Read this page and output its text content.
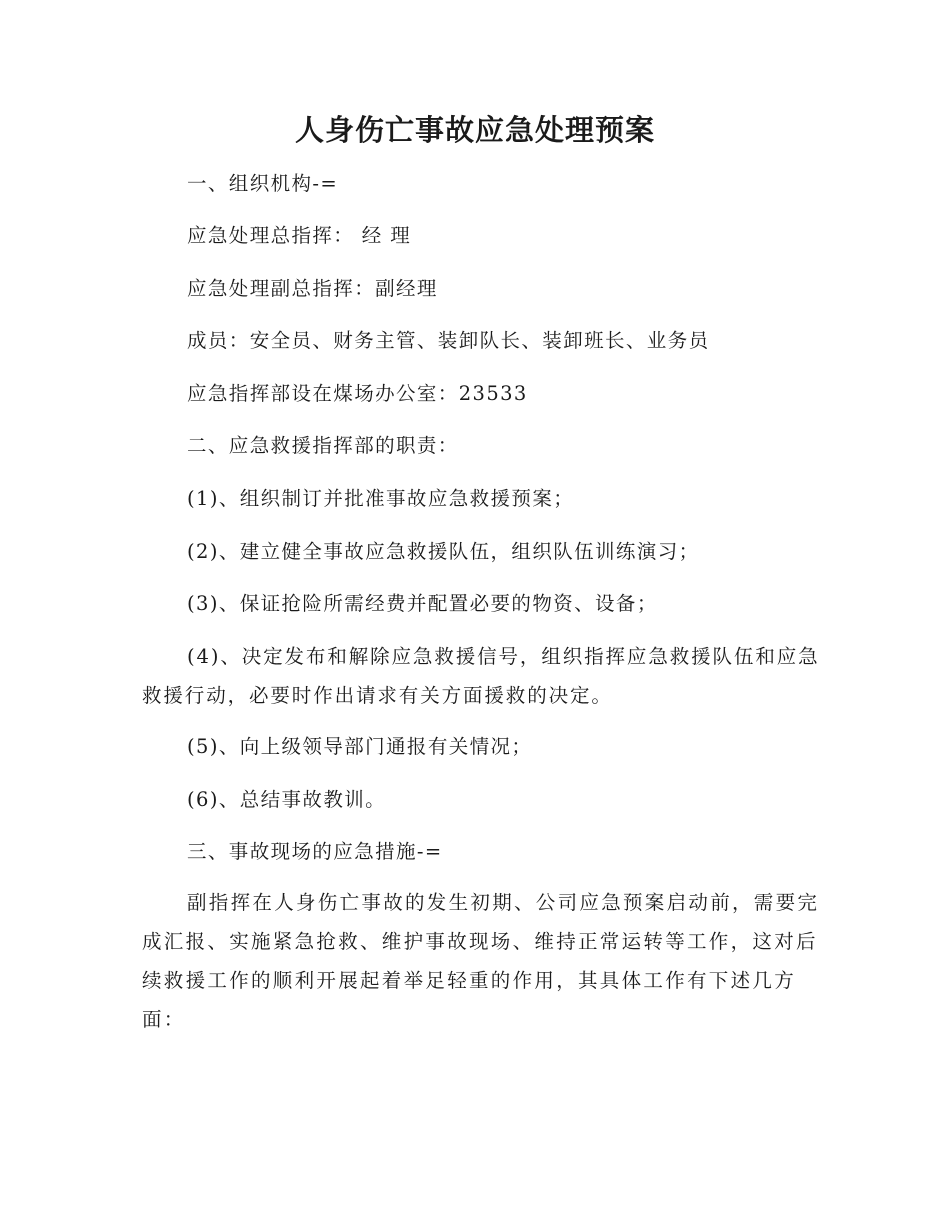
人身伤亡事故应急处理预案

一、组织机构-=

应急处理总指挥： 经 理

应急处理副总指挥：副经理

成员：安全员、财务主管、装卸队长、装卸班长、业务员

应急指挥部设在煤场办公室：23533

二、应急救援指挥部的职责：

(1)、组织制订并批准事故应急救援预案；

(2)、建立健全事故应急救援队伍，组织队伍训练演习；

(3)、保证抢险所需经费并配置必要的物资、设备；

(4)、决定发布和解除应急救援信号，组织指挥应急救援队伍和应急救援行动，必要时作出请求有关方面援救的决定。

(5)、向上级领导部门通报有关情况；

(6)、总结事故教训。

三、事故现场的应急措施-=

副指挥在人身伤亡事故的发生初期、公司应急预案启动前，需要完成汇报、实施紧急抢救、维护事故现场、维持正常运转等工作，这对后续救援工作的顺利开展起着举足轻重的作用，其具体工作有下述几方面：
